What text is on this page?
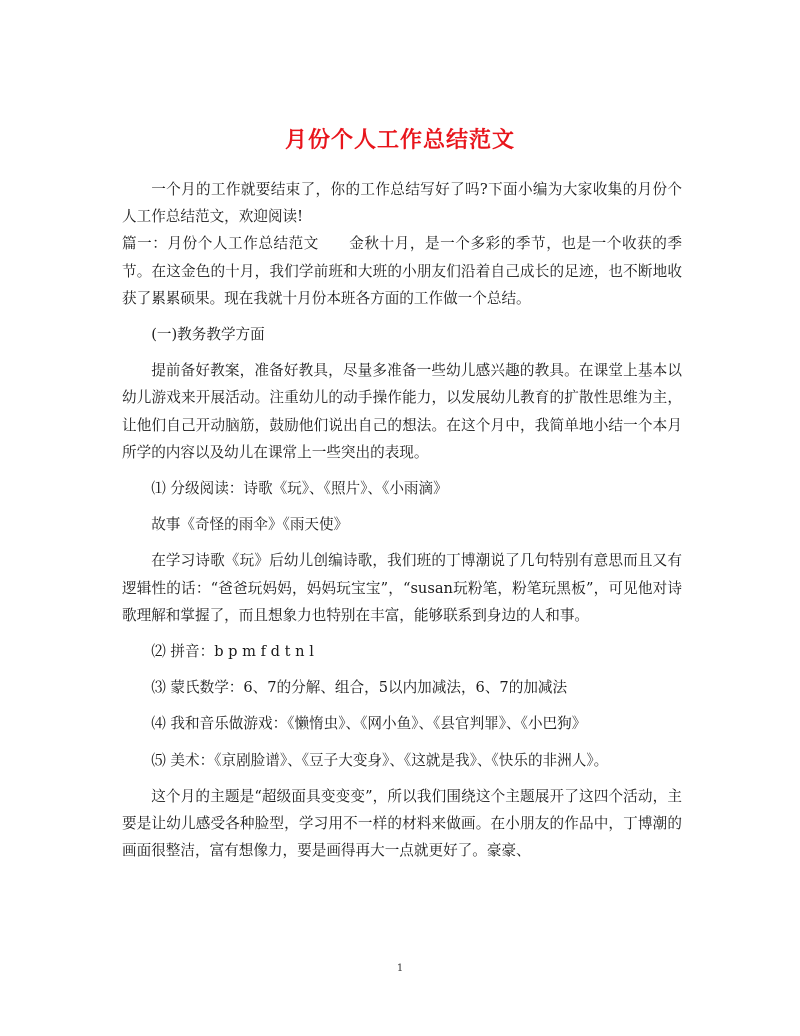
月份个人工作总结范文

一个月的工作就要结束了，你的工作总结写好了吗?下面小编为大家收集的月份个人工作总结范文，欢迎阅读!

篇一：月份个人工作总结范文　　金秋十月，是一个多彩的季节，也是一个收获的季节。在这金色的十月，我们学前班和大班的小朋友们沿着自己成长的足迹，也不断地收获了累累硕果。现在我就十月份本班各方面的工作做一个总结。

(一)教务教学方面

提前备好教案，准备好教具，尽量多准备一些幼儿感兴趣的教具。在课堂上基本以幼儿游戏来开展活动。注重幼儿的动手操作能力，以发展幼儿教育的扩散性思维为主，让他们自己开动脑筋，鼓励他们说出自己的想法。在这个月中，我简单地小结一个本月所学的内容以及幼儿在课常上一些突出的表现。

⑴ 分级阅读：诗歌《玩》、《照片》、《小雨滴》

故事《奇怪的雨伞》《雨天使》

在学习诗歌《玩》后幼儿创编诗歌，我们班的丁博潮说了几句特别有意思而且又有逻辑性的话：“爸爸玩妈妈，妈妈玩宝宝”，“susan玩粉笔，粉笔玩黑板”，可见他对诗歌理解和掌握了，而且想象力也特别在丰富，能够联系到身边的人和事。

⑵ 拼音：b p m f d t n l

⑶ 蒙氏数学：6、7的分解、组合，5以内加减法，6、7的加减法

⑷ 我和音乐做游戏：《懒惰虫》、《网小鱼》、《县官判罪》、《小巴狗》

⑸ 美术：《京剧脸谱》、《豆子大变身》、《这就是我》、《快乐的非洲人》。

这个月的主题是“超级面具变变变”，所以我们围绕这个主题展开了这四个活动，主要是让幼儿感受各种脸型，学习用不一样的材料来做画。在小朋友的作品中，丁博潮的画面很整洁，富有想像力，要是画得再大一点就更好了。豪豪、

1
